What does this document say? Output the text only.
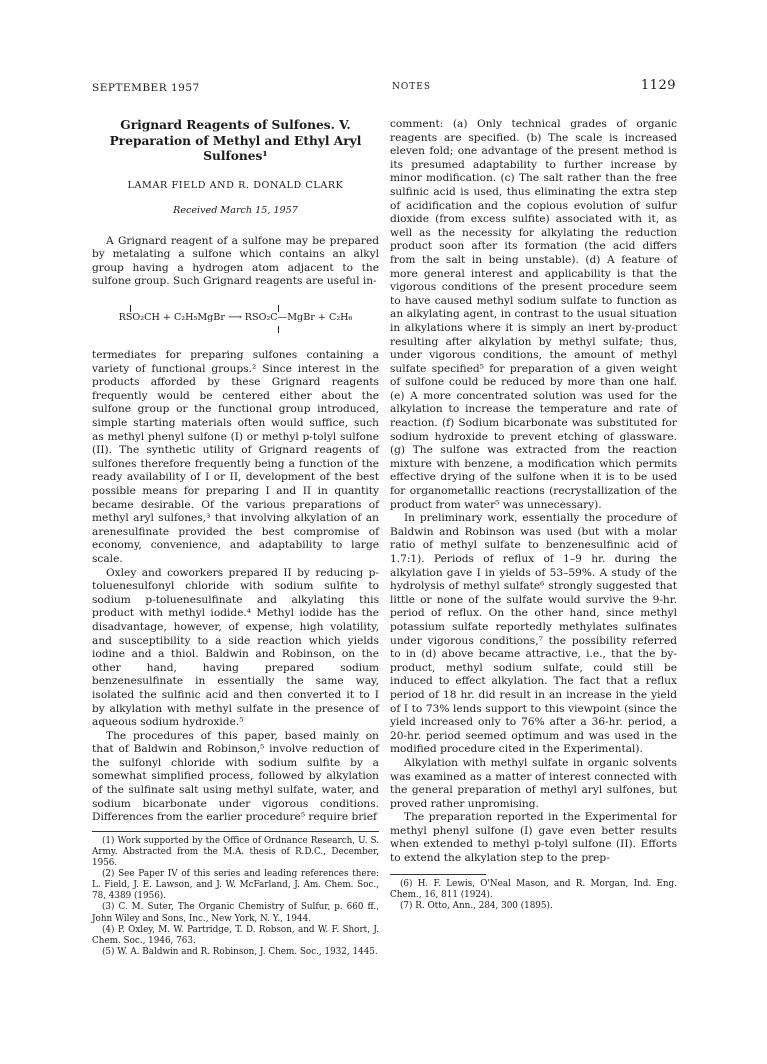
SEPTEMBER 1957	NOTES	1129
Grignard Reagents of Sulfones. V. Preparation of Methyl and Ethyl Aryl Sulfones¹
LAMAR FIELD AND R. DONALD CLARK
Received March 15, 1957

A Grignard reagent of a sulfone may be prepared by metalating a sulfone which contains an alkyl group having a hydrogen atom adjacent to the sulfone group. Such Grignard reagents are useful in-

RSO₂CH + C₂H₅MgBr ⟶ RSO₂C—MgBr + C₂H₆

termediates for preparing sulfones containing a variety of functional groups.² Since interest in the products afforded by these Grignard reagents frequently would be centered either about the sulfone group or the functional group introduced, simple starting materials often would suffice, such as methyl phenyl sulfone (I) or methyl p-tolyl sulfone (II). The synthetic utility of Grignard reagents of sulfones therefore frequently being a function of the ready availability of I or II, development of the best possible means for preparing I and II in quantity became desirable. Of the various preparations of methyl aryl sulfones,³ that involving alkylation of an arenesulfinate provided the best compromise of economy, convenience, and adaptability to large scale.

Oxley and coworkers prepared II by reducing p-toluenesulfonyl chloride with sodium sulfite to sodium p-toluenesulfinate and alkylating this product with methyl iodide.⁴ Methyl iodide has the disadvantage, however, of expense, high volatility, and susceptibility to a side reaction which yields iodine and a thiol. Baldwin and Robinson, on the other hand, having prepared sodium benzenesulfinate in essentially the same way, isolated the sulfinic acid and then converted it to I by alkylation with methyl sulfate in the presence of aqueous sodium hydroxide.⁵

The procedures of this paper, based mainly on that of Baldwin and Robinson,⁵ involve reduction of the sulfonyl chloride with sodium sulfite by a somewhat simplified process, followed by alkylation of the sulfinate salt using methyl sulfate, water, and sodium bicarbonate under vigorous conditions. Differences from the earlier procedure⁵ require brief

(1) Work supported by the Office of Ordnance Research, U. S. Army. Abstracted from the M.A. thesis of R.D.C., December, 1956.

(2) See Paper IV of this series and leading references there: L. Field, J. E. Lawson, and J. W. McFarland, J. Am. Chem. Soc., 78, 4389 (1956).

(3) C. M. Suter, The Organic Chemistry of Sulfur, p. 660 ff., John Wiley and Sons, Inc., New York, N. Y., 1944.

(4) P. Oxley, M. W. Partridge, T. D. Robson, and W. F. Short, J. Chem. Soc., 1946, 763.

(5) W. A. Baldwin and R. Robinson, J. Chem. Soc., 1932, 1445.

comment: (a) Only technical grades of organic reagents are specified. (b) The scale is increased eleven fold; one advantage of the present method is its presumed adaptability to further increase by minor modification. (c) The salt rather than the free sulfinic acid is used, thus eliminating the extra step of acidification and the copious evolution of sulfur dioxide (from excess sulfite) associated with it, as well as the necessity for alkylating the reduction product soon after its formation (the acid differs from the salt in being unstable). (d) A feature of more general interest and applicability is that the vigorous conditions of the present procedure seem to have caused methyl sodium sulfate to function as an alkylating agent, in contrast to the usual situation in alkylations where it is simply an inert by-product resulting after alkylation by methyl sulfate; thus, under vigorous conditions, the amount of methyl sulfate specified⁵ for preparation of a given weight of sulfone could be reduced by more than one half. (e) A more concentrated solution was used for the alkylation to increase the temperature and rate of reaction. (f) Sodium bicarbonate was substituted for sodium hydroxide to prevent etching of glassware. (g) The sulfone was extracted from the reaction mixture with benzene, a modification which permits effective drying of the sulfone when it is to be used for organometallic reactions (recrystallization of the product from water⁵ was unnecessary).

In preliminary work, essentially the procedure of Baldwin and Robinson was used (but with a molar ratio of methyl sulfate to benzenesulfinic acid of 1.7:1). Periods of reflux of 1–9 hr. during the alkylation gave I in yields of 53–59%. A study of the hydrolysis of methyl sulfate⁶ strongly suggested that little or none of the sulfate would survive the 9-hr. period of reflux. On the other hand, since methyl potassium sulfate reportedly methylates sulfinates under vigorous conditions,⁷ the possibility referred to in (d) above became attractive, i.e., that the by-product, methyl sodium sulfate, could still be induced to effect alkylation. The fact that a reflux period of 18 hr. did result in an increase in the yield of I to 73% lends support to this viewpoint (since the yield increased only to 76% after a 36-hr. period, a 20-hr. period seemed optimum and was used in the modified procedure cited in the Experimental).

Alkylation with methyl sulfate in organic solvents was examined as a matter of interest connected with the general preparation of methyl aryl sulfones, but proved rather unpromising.

The preparation reported in the Experimental for methyl phenyl sulfone (I) gave even better results when extended to methyl p-tolyl sulfone (II). Efforts to extend the alkylation step to the prep-

(6) H. F. Lewis, O'Neal Mason, and R. Morgan, Ind. Eng. Chem., 16, 811 (1924).

(7) R. Otto, Ann., 284, 300 (1895).
